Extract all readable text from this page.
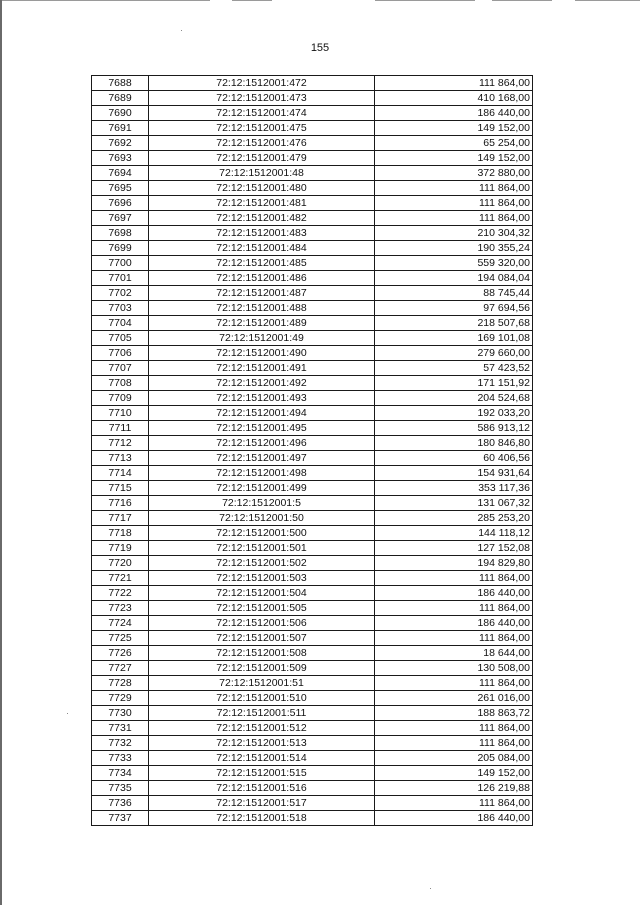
155
7688	72:12:1512001:472	111 864,00
7689	72:12:1512001:473	410 168,00
7690	72:12:1512001:474	186 440,00
7691	72:12:1512001:475	149 152,00
7692	72:12:1512001:476	65 254,00
7693	72:12:1512001:479	149 152,00
7694	72:12:1512001:48	372 880,00
7695	72:12:1512001:480	111 864,00
7696	72:12:1512001:481	111 864,00
7697	72:12:1512001:482	111 864,00
7698	72:12:1512001:483	210 304,32
7699	72:12:1512001:484	190 355,24
7700	72:12:1512001:485	559 320,00
7701	72:12:1512001:486	194 084,04
7702	72:12:1512001:487	88 745,44
7703	72:12:1512001:488	97 694,56
7704	72:12:1512001:489	218 507,68
7705	72:12:1512001:49	169 101,08
7706	72:12:1512001:490	279 660,00
7707	72:12:1512001:491	57 423,52
7708	72:12:1512001:492	171 151,92
7709	72:12:1512001:493	204 524,68
7710	72:12:1512001:494	192 033,20
7711	72:12:1512001:495	586 913,12
7712	72:12:1512001:496	180 846,80
7713	72:12:1512001:497	60 406,56
7714	72:12:1512001:498	154 931,64
7715	72:12:1512001:499	353 117,36
7716	72:12:1512001:5	131 067,32
7717	72:12:1512001:50	285 253,20
7718	72:12:1512001:500	144 118,12
7719	72:12:1512001:501	127 152,08
7720	72:12:1512001:502	194 829,80
7721	72:12:1512001:503	111 864,00
7722	72:12:1512001:504	186 440,00
7723	72:12:1512001:505	111 864,00
7724	72:12:1512001:506	186 440,00
7725	72:12:1512001:507	111 864,00
7726	72:12:1512001:508	18 644,00
7727	72:12:1512001:509	130 508,00
7728	72:12:1512001:51	111 864,00
7729	72:12:1512001:510	261 016,00
7730	72:12:1512001:511	188 863,72
7731	72:12:1512001:512	111 864,00
7732	72:12:1512001:513	111 864,00
7733	72:12:1512001:514	205 084,00
7734	72:12:1512001:515	149 152,00
7735	72:12:1512001:516	126 219,88
7736	72:12:1512001:517	111 864,00
7737	72:12:1512001:518	186 440,00
